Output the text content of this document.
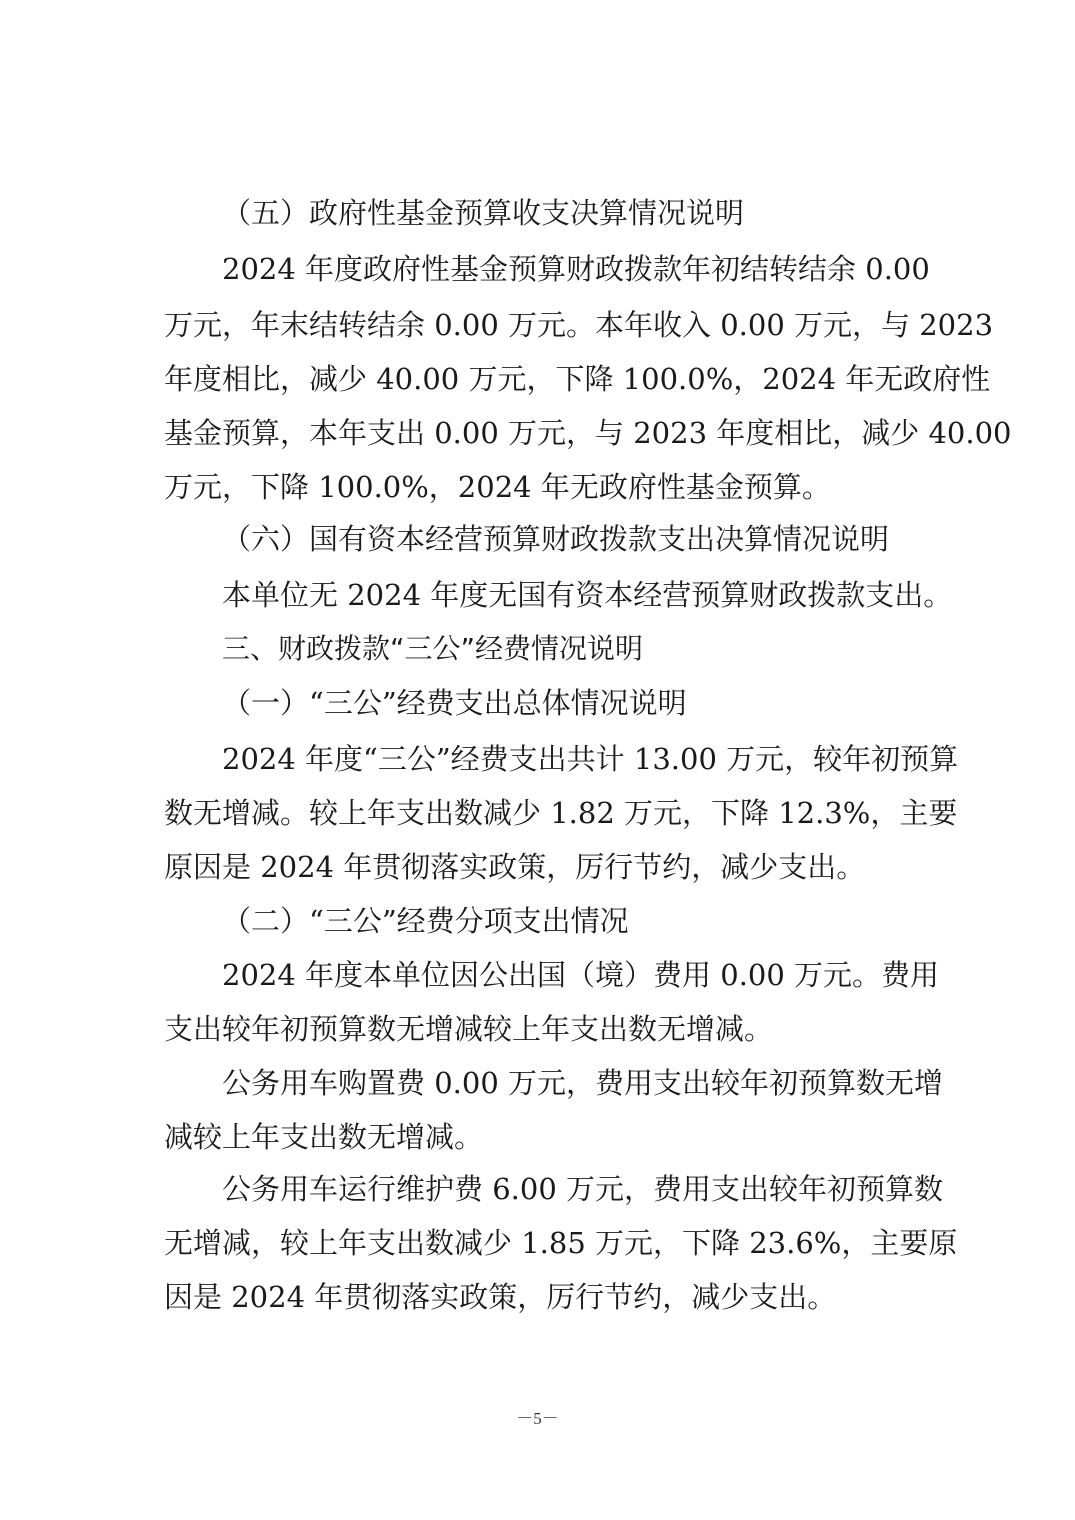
（五）政府性基金预算收支决算情况说明

2024 年度政府性基金预算财政拨款年初结转结余 0.00

万元，年末结转结余 0.00 万元。本年收入 0.00 万元，与 2023

年度相比，减少 40.00 万元，下降 100.0%，2024 年无政府性

基金预算，本年支出 0.00 万元，与 2023 年度相比，减少 40.00

万元，下降 100.0%，2024 年无政府性基金预算。

（六）国有资本经营预算财政拨款支出决算情况说明

本单位无 2024 年度无国有资本经营预算财政拨款支出。

三、财政拨款“三公”经费情况说明

（一）“三公”经费支出总体情况说明

2024 年度“三公”经费支出共计 13.00 万元，较年初预算

数无增减。较上年支出数减少 1.82 万元，下降 12.3%，主要

原因是 2024 年贯彻落实政策，厉行节约，减少支出。

（二）“三公”经费分项支出情况

2024 年度本单位因公出国（境）费用 0.00 万元。费用

支出较年初预算数无增减较上年支出数无增减。

公务用车购置费 0.00 万元，费用支出较年初预算数无增

减较上年支出数无增减。

公务用车运行维护费 6.00 万元，费用支出较年初预算数

无增减，较上年支出数减少 1.85 万元，下降 23.6%，主要原

因是 2024 年贯彻落实政策，厉行节约，减少支出。

－5－
